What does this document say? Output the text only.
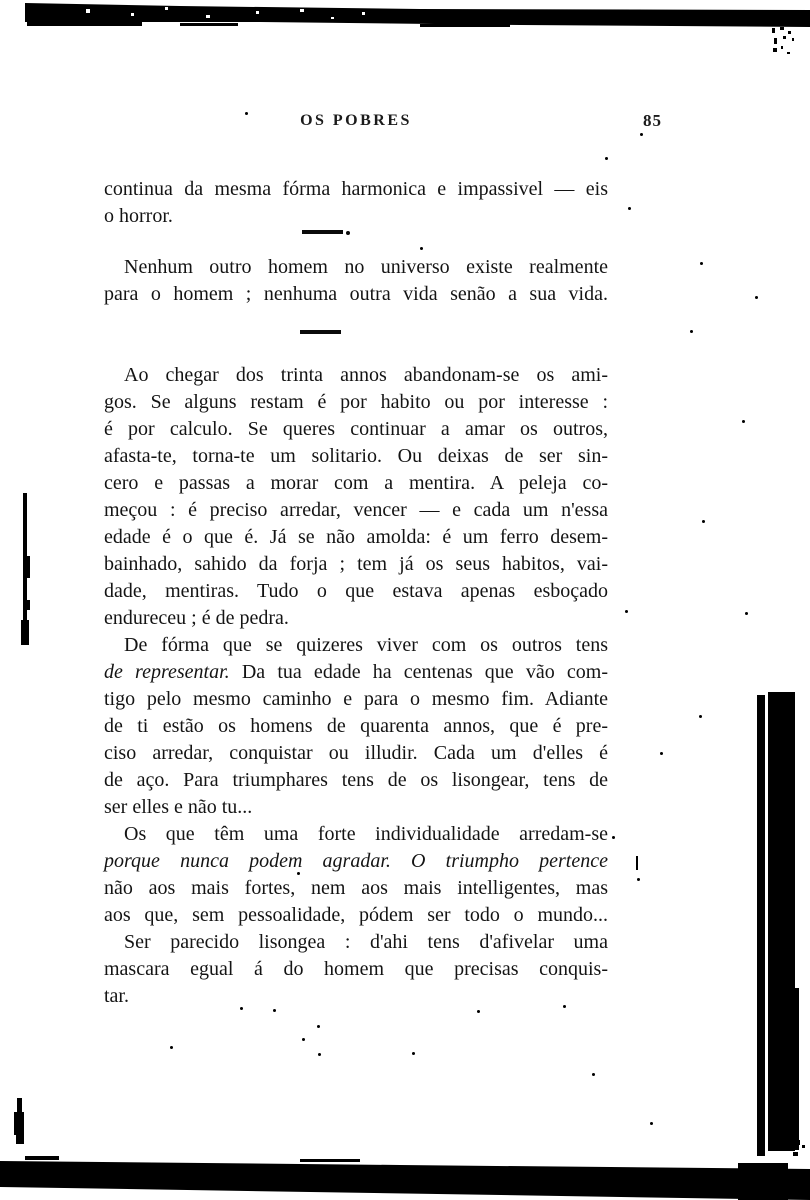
OS POBRES	85
continua da mesma fórma harmonica e impassivel — eis
o horror.
Nenhum outro homem no universo existe realmente
para o homem ; nenhuma outra vida senão a sua vida.
Ao chegar dos trinta annos abandonam-se os ami-
gos. Se alguns restam é por habito ou por interesse :
é por calculo. Se queres continuar a amar os outros,
afasta-te, torna-te um solitario. Ou deixas de ser sin-
cero e passas a morar com a mentira. A peleja co-
meçou : é preciso arredar, vencer — e cada um n'essa
edade é o que é. Já se não amolda: é um ferro desem-
bainhado, sahido da forja ; tem já os seus habitos, vai-
dade, mentiras. Tudo o que estava apenas esboçado
endureceu ; é de pedra.
De fórma que se quizeres viver com os outros tens
de representar. Da tua edade ha centenas que vão com-
tigo pelo mesmo caminho e para o mesmo fim. Adiante
de ti estão os homens de quarenta annos, que é pre-
ciso arredar, conquistar ou illudir. Cada um d'elles é
de aço. Para triumphares tens de os lisongear, tens de
ser elles e não tu...
Os que têm uma forte individualidade arredam-se
porque nunca podem agradar. O triumpho pertence
não aos mais fortes, nem aos mais intelligentes, mas
aos que, sem pessoalidade, pódem ser todo o mundo...
Ser parecido lisongea : d'ahi tens d'afivelar uma
mascara egual á do homem que precisas conquis-
tar.
